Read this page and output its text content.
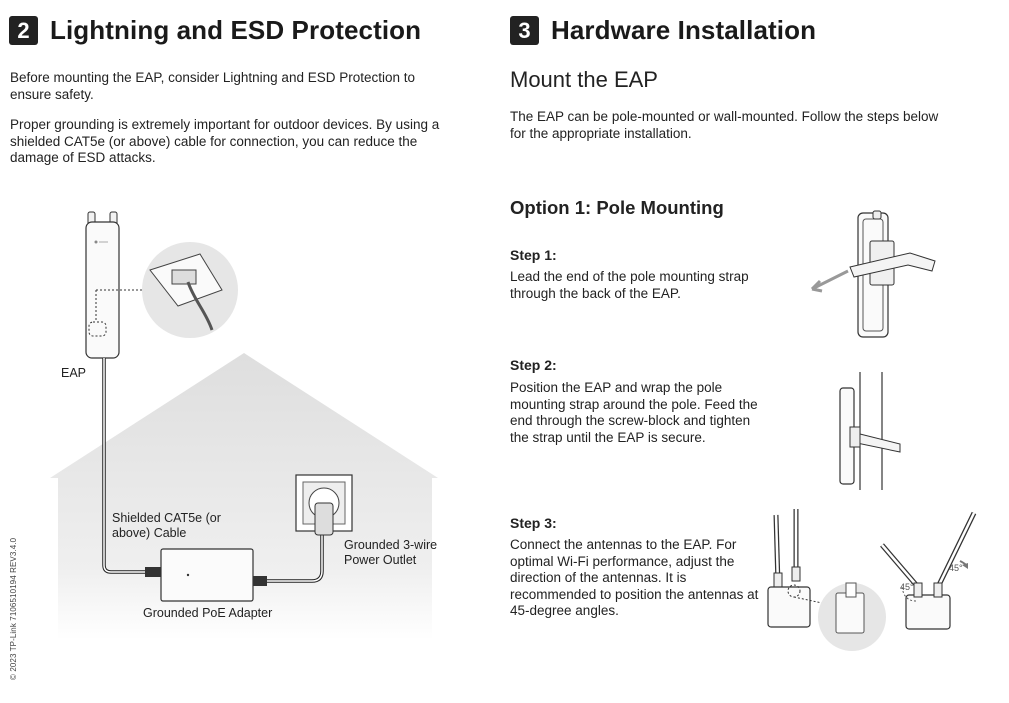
2 Lightning and ESD Protection
Before mounting the EAP, consider Lightning and ESD Protection to ensure safety.
Proper grounding is extremely important for outdoor devices. By using a shielded CAT5e (or above) cable for connection, you can reduce the damage of ESD attacks.
EAP
Shielded CAT5e (or above) Cable
Grounded 3-wire Power Outlet
Grounded PoE Adapter
© 2023 TP-Link 7106510194 REV3.4.0
3 Hardware Installation
Mount the EAP
The EAP can be pole-mounted or wall-mounted. Follow the steps below for the appropriate installation.
Option 1: Pole Mounting
Step 1:
Lead the end of the pole mounting strap through the back of the EAP.
Step 2:
Position the EAP and wrap the pole mounting strap around the pole. Feed the end through the screw-block and tighten the strap until the EAP is secure.
Step 3:
Connect the antennas to the EAP. For optimal Wi-Fi performance, adjust the direction of the antennas. It is recommended to position the antennas at 45-degree angles.
45°
45°
